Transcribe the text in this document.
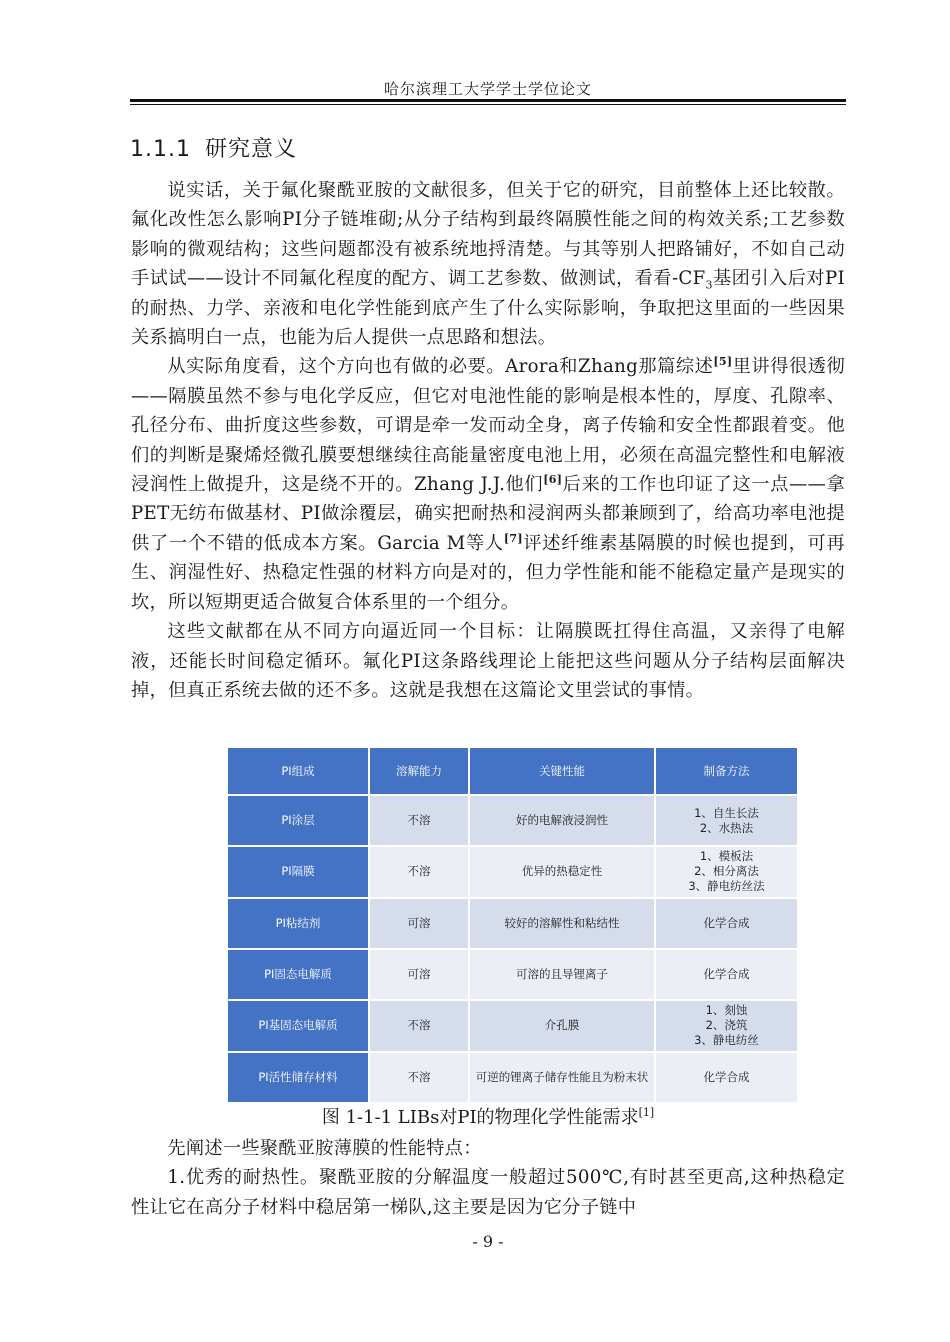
哈尔滨理工大学学士学位论文
1.1.1 研究意义

说实话，关于氟化聚酰亚胺的文献很多，但关于它的研究，目前整体上还比较散。氟化改性怎么影响PI分子链堆砌;从分子结构到最终隔膜性能之间的构效关系;工艺参数影响的微观结构；这些问题都没有被系统地捋清楚。与其等别人把路铺好，不如自己动手试试——设计不同氟化程度的配方、调工艺参数、做测试，看看$-CF_3$基团引入后对PI的耐热、力学、亲液和电化学性能到底产生了什么实际影响，争取把这里面的一些因果关系搞明白一点，也能为后人提供一点思路和想法。

从实际角度看，这个方向也有做的必要。Arora和Zhang那篇综述[5]里讲得很透彻——隔膜虽然不参与电化学反应，但它对电池性能的影响是根本性的，厚度、孔隙率、孔径分布、曲折度这些参数，可谓是牵一发而动全身，离子传输和安全性都跟着变。他们的判断是聚烯烃微孔膜要想继续往高能量密度电池上用，必须在高温完整性和电解液浸润性上做提升，这是绕不开的。Zhang J.J.他们[6]后来的工作也印证了这一点——拿PET无纺布做基材、PI做涂覆层，确实把耐热和浸润两头都兼顾到了，给高功率电池提供了一个不错的低成本方案。Garcia M等人[7]评述纤维素基隔膜的时候也提到，可再生、润湿性好、热稳定性强的材料方向是对的，但力学性能和能不能稳定量产是现实的坎，所以短期更适合做复合体系里的一个组分。

这些文献都在从不同方向逼近同一个目标：让隔膜既扛得住高温，又亲得了电解液，还能长时间稳定循环。氟化PI这条路线理论上能把这些问题从分子结构层面解决掉，但真正系统去做的还不多。这就是我想在这篇论文里尝试的事情。

PI组成	溶解能力	关键性能	制备方法
PI涂层	不溶	好的电解液浸润性	1、自生长法
2、水热法
PI隔膜	不溶	优异的热稳定性	1、模板法
2、相分离法
3、静电纺丝法
PI粘结剂	可溶	较好的溶解性和粘结性	化学合成
PI固态电解质	可溶	可溶的且导锂离子	化学合成
PI基固态电解质	不溶	介孔膜	1、刻蚀
2、浇筑
3、静电纺丝
PI活性储存材料	不溶	可逆的锂离子储存性能且为粉末状	化学合成
图 1-1-1 LIBs对PI的物理化学性能需求[1]

先阐述一些聚酰亚胺薄膜的性能特点：

1.优秀的耐热性。聚酰亚胺的分解温度一般超过500℃,有时甚至更高,这种热稳定性让它在高分子材料中稳居第一梯队,这主要是因为它分子链中

- 9 -
